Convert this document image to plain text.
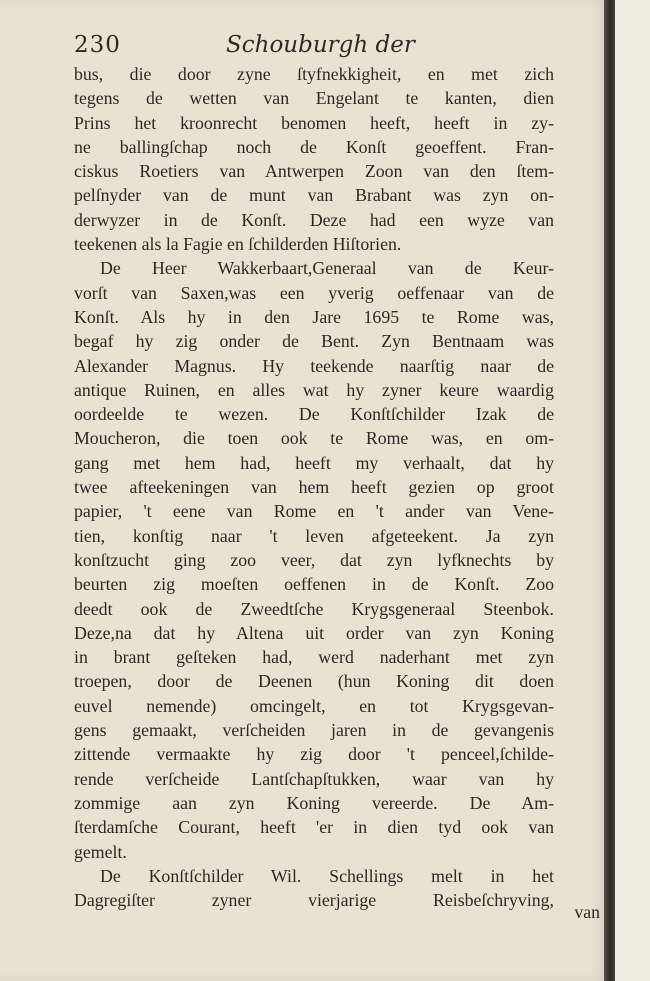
230	Schouburgh der
bus, die door zyne ſtyfnekkigheit, en met zich
tegens de wetten van Engelant te kanten, dien
Prins het kroonrecht benomen heeft, heeft in zy-
ne ballingſchap noch de Konſt geoeffent. Fran-
ciskus Roetiers van Antwerpen Zoon van den ſtem-
pelſnyder van de munt van Brabant was zyn on-
derwyzer in de Konſt. Deze had een wyze van
teekenen als la Fagie en ſchilderden Hiſtorien.
De Heer Wakkerbaart,Generaal van de Keur-
vorſt van Saxen,was een yverig oeffenaar van de
Konſt. Als hy in den Jare 1695 te Rome was,
begaf hy zig onder de Bent. Zyn Bentnaam was
Alexander Magnus. Hy teekende naarſtig naar de
antique Ruinen, en alles wat hy zyner keure waardig
oordeelde te wezen. De Konſtſchilder Izak de
Moucheron, die toen ook te Rome was, en om-
gang met hem had, heeft my verhaalt, dat hy
twee afteekeningen van hem heeft gezien op groot
papier, 't eene van Rome en 't ander van Vene-
tien, konſtig naar 't leven afgeteekent. Ja zyn
konſtzucht ging zoo veer, dat zyn lyfknechts by
beurten zig moeſten oeffenen in de Konſt. Zoo
deedt ook de Zweedtſche Krygsgeneraal Steenbok.
Deze,na dat hy Altena uit order van zyn Koning
in brant geſteken had, werd naderhant met zyn
troepen, door de Deenen (hun Koning dit doen
euvel nemende) omcingelt, en tot Krygsgevan-
gens gemaakt, verſcheiden jaren in de gevangenis
zittende vermaakte hy zig door 't penceel,ſchilde-
rende verſcheide Lantſchapſtukken, waar van hy
zommige aan zyn Koning vereerde. De Am-
ſterdamſche Courant, heeft 'er in dien tyd ook van
gemelt.
De Konſtſchilder Wil. Schellings melt in het
Dagregiſter zyner vierjarige Reisbeſchryving,
van
